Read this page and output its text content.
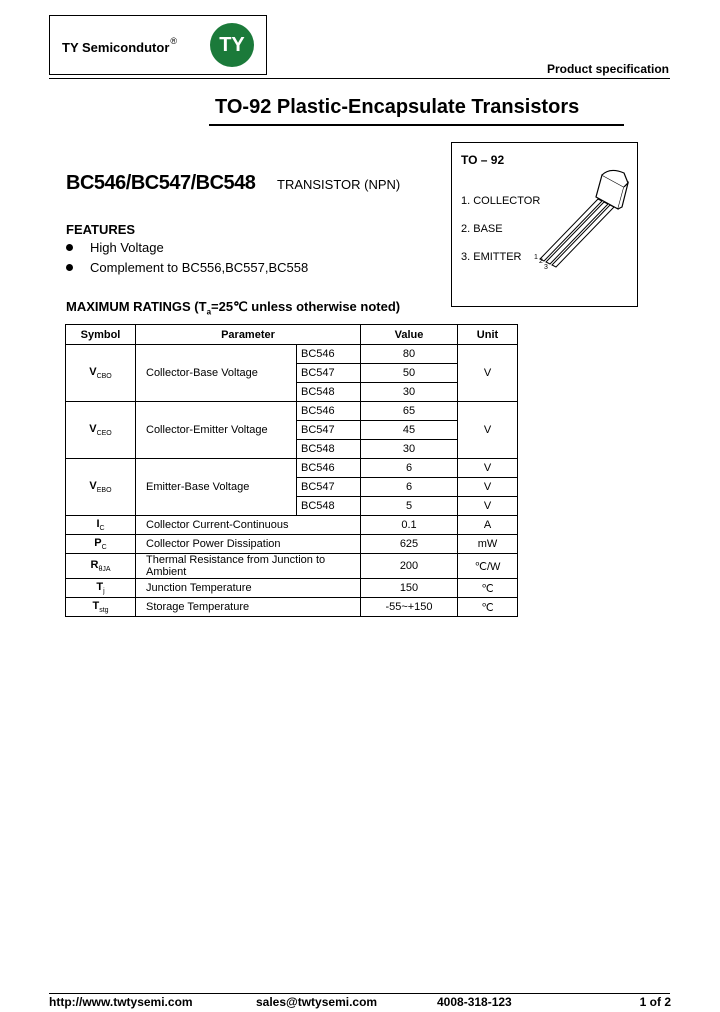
TY Semicondutor®	TY
Product specification
TO-92 Plastic-Encapsulate Transistors
BC546/BC547/BC548 TRANSISTOR (NPN)
FEATURES
High Voltage
Complement to BC556,BC557,BC558
TO – 92
1. COLLECTOR
2. BASE
3. EMITTER 1
2
3
MAXIMUM RATINGS ($T_a=25℃$ unless otherwise noted)
Symbol	Parameter		Value	Unit
$V_{CBO}$	Collector-Base Voltage	BC546	80	V
		BC547	50	
		BC548	30	
$V_{CEO}$	Collector-Emitter Voltage	BC546	65	V
		BC547	45	
		BC548	30	
$V_{EBO}$	Emitter-Base Voltage	BC546	6	V
		BC547	6	V
		BC548	5	V
$I_C$	Collector Current-Continuous		0.1	A
$P_C$	Collector Power Dissipation		625	mW
$R_{\theta JA}$	Thermal Resistance from Junction to Ambient		200	℃/W
$T_j$	Junction Temperature		150	℃
$T_{stg}$	Storage Temperature		-55~+150	℃
http://www.twtysemi.com	sales@twtysemi.com	4008-318-123	1 of 2
